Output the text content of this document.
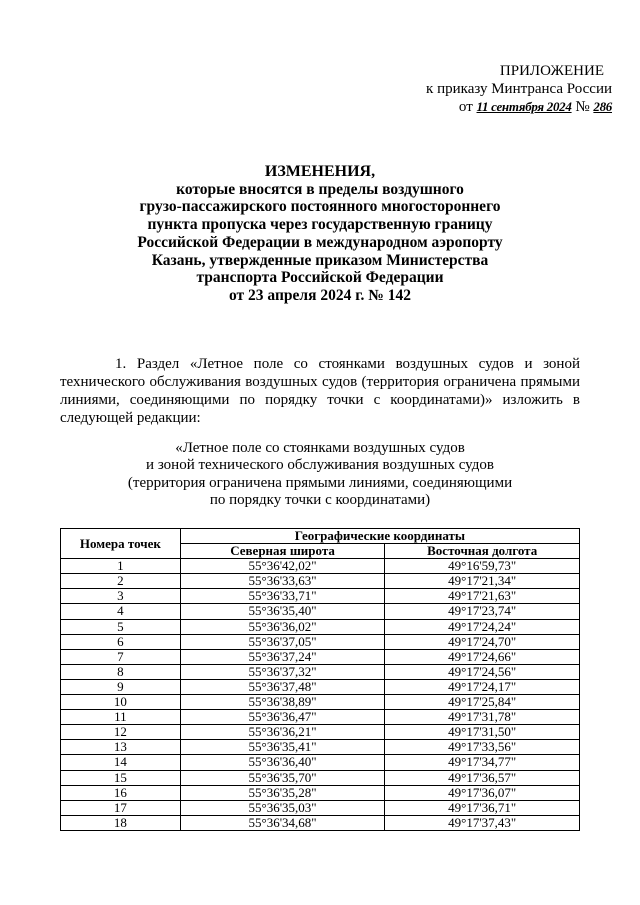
ПРИЛОЖЕНИЕ
к приказу Минтранса России
от 11 сентября 2024 № 286
ИЗМЕНЕНИЯ,
которые вносятся в пределы воздушного
грузо-пассажирского постоянного многостороннего
пункта пропуска через государственную границу
Российской Федерации в международном аэропорту
Казань, утвержденные приказом Министерства
транспорта Российской Федерации
от 23 апреля 2024 г. № 142
1. Раздел «Летное поле со стоянками воздушных судов и зоной технического обслуживания воздушных судов (территория ограничена прямыми линиями, соединяющими по порядку точки с координатами)» изложить в следующей редакции:
«Летное поле со стоянками воздушных судов
и зоной технического обслуживания воздушных судов
(территория ограничена прямыми линиями, соединяющими
по порядку точки с координатами)
Номера точек	Географические координаты	
	Северная широта	Восточная долгота
1	55°36'42,02"	49°16'59,73"
2	55°36'33,63"	49°17'21,34"
3	55°36'33,71"	49°17'21,63"
4	55°36'35,40"	49°17'23,74"
5	55°36'36,02"	49°17'24,24"
6	55°36'37,05"	49°17'24,70"
7	55°36'37,24"	49°17'24,66"
8	55°36'37,32"	49°17'24,56"
9	55°36'37,48"	49°17'24,17"
10	55°36'38,89"	49°17'25,84"
11	55°36'36,47"	49°17'31,78"
12	55°36'36,21"	49°17'31,50"
13	55°36'35,41"	49°17'33,56"
14	55°36'36,40"	49°17'34,77"
15	55°36'35,70"	49°17'36,57"
16	55°36'35,28"	49°17'36,07"
17	55°36'35,03"	49°17'36,71"
18	55°36'34,68"	49°17'37,43"
